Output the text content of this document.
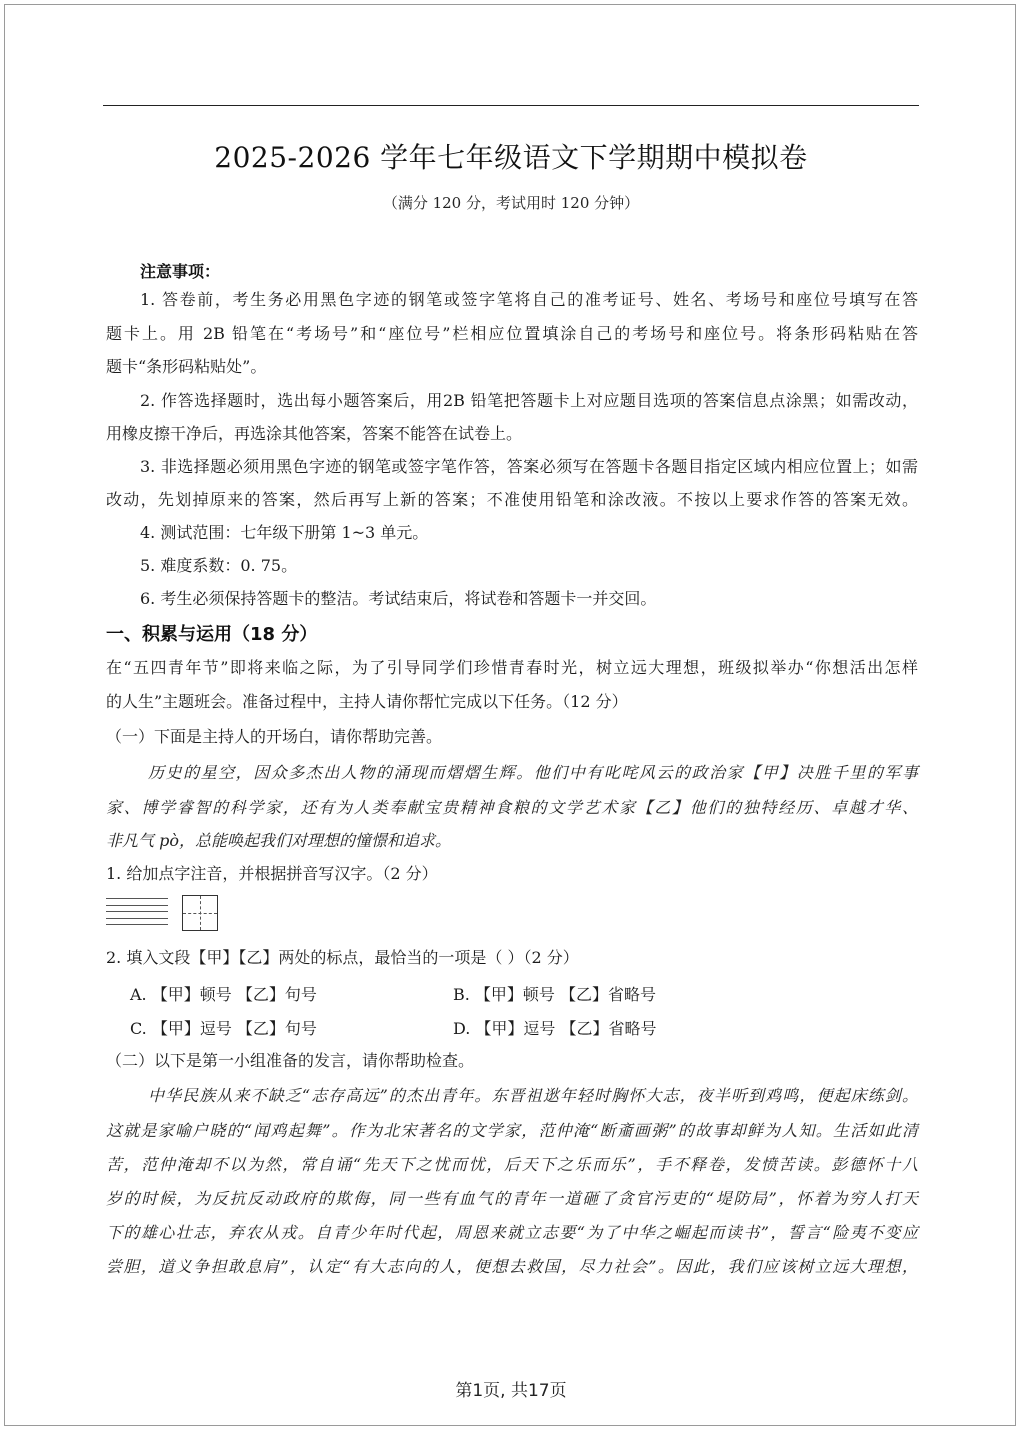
2025-2026 学年七年级语文下学期期中模拟卷
（满分 120 分，考试用时 120 分钟）
注意事项：
1. 答卷前，考生务必用黑色字迹的钢笔或签字笔将自己的准考证号、姓名、考场号和座位号填写在答
题卡上。用 2B 铅笔在“考场号”和“座位号”栏相应位置填涂自己的考场号和座位号。将条形码粘贴在答
题卡“条形码粘贴处”。
2. 作答选择题时，选出每小题答案后，用2B 铅笔把答题卡上对应题目选项的答案信息点涂黑；如需改动，
用橡皮擦干净后，再选涂其他答案，答案不能答在试卷上。
3. 非选择题必须用黑色字迹的钢笔或签字笔作答，答案必须写在答题卡各题目指定区域内相应位置上；如需
改动，先划掉原来的答案，然后再写上新的答案；不准使用铅笔和涂改液。不按以上要求作答的答案无效。
4. 测试范围：七年级下册第 1~3 单元。
5. 难度系数：0. 75。
6. 考生必须保持答题卡的整洁。考试结束后，将试卷和答题卡一并交回。
一、积累与运用（18 分）
在“五四青年节”即将来临之际，为了引导同学们珍惜青春时光，树立远大理想，班级拟举办“你想活出怎样
的人生”主题班会。准备过程中，主持人请你帮忙完成以下任务。（12 分）
（一）下面是主持人的开场白，请你帮助完善。
历史的星空，因众多杰出人物的涌现而熠熠生辉。他们中有叱咤风云的政治家【甲】决胜千里的军事
家、博学睿智的科学家，还有为人类奉献宝贵精神食粮的文学艺术家【乙】他们的独特经历、卓越才华、
非凡气 pò，总能唤起我们对理想的憧憬和追求。
1. 给加点字注音，并根据拼音写汉字。（2 分）
2. 填入文段【甲】【乙】两处的标点，最恰当的一项是（ ）（2 分）
A. 【甲】顿号 【乙】句号	B. 【甲】顿号 【乙】省略号
C. 【甲】逗号 【乙】句号	D. 【甲】逗号 【乙】省略号
（二）以下是第一小组准备的发言，请你帮助检查。
中华民族从来不缺乏“志存高远”的杰出青年。东晋祖逖年轻时胸怀大志，夜半听到鸡鸣，便起床练剑。
这就是家喻户晓的“闻鸡起舞”。作为北宋著名的文学家，范仲淹“断齑画粥”的故事却鲜为人知。生活如此清
苦，范仲淹却不以为然，常自诵“先天下之忧而忧，后天下之乐而乐”，手不释卷，发愤苦读。彭德怀十八
岁的时候，为反抗反动政府的欺侮，同一些有血气的青年一道砸了贪官污吏的“堤防局”，怀着为穷人打天
下的雄心壮志，弃农从戎。自青少年时代起，周恩来就立志要“为了中华之崛起而读书”，誓言“险夷不变应
尝胆，道义争担敢息肩”，认定“有大志向的人，便想去救国，尽力社会”。因此，我们应该树立远大理想，
第1页, 共17页
